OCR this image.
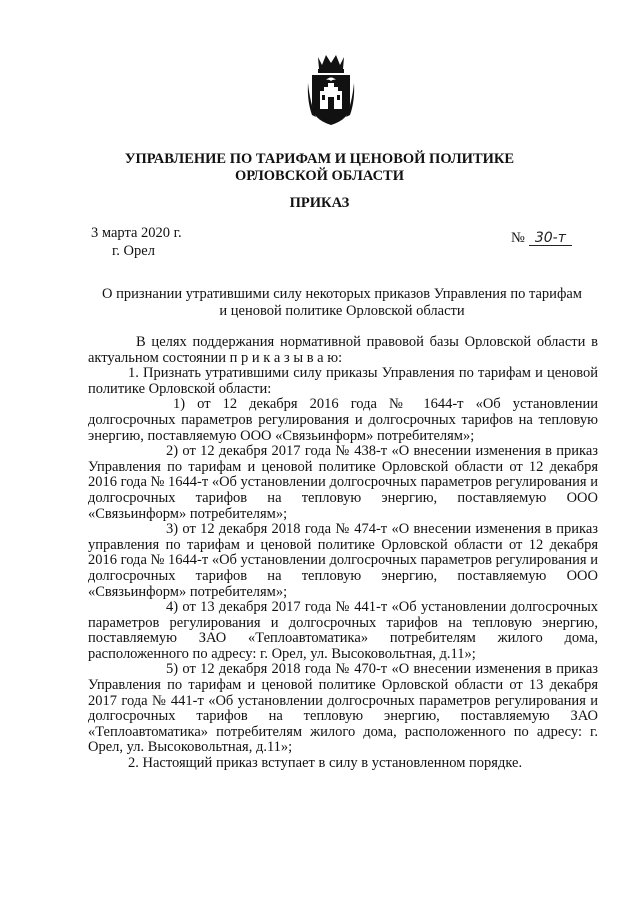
УПРАВЛЕНИЕ ПО ТАРИФАМ И ЦЕНОВОЙ ПОЛИТИКЕ
ОРЛОВСКОЙ ОБЛАСТИ
ПРИКАЗ
3 марта 2020 г.
г. Орел
№ 30-т
О признании утратившими силу некоторых приказов Управления по тарифам
и ценовой политике Орловской области

В целях поддержания нормативной правовой базы Орловской области в актуальном состоянии п р и к а з ы в а ю:

1. Признать утратившими силу приказы Управления по тарифам и ценовой политике Орловской области:

1) от 12 декабря 2016 года № 1644-т «Об установлении долгосрочных параметров регулирования и долгосрочных тарифов на тепловую энергию, поставляемую ООО «Связьинформ» потребителям»;

2) от 12 декабря 2017 года № 438-т «О внесении изменения в приказ Управления по тарифам и ценовой политике Орловской области от 12 декабря 2016 года № 1644-т «Об установлении долгосрочных параметров регулирования и долгосрочных тарифов на тепловую энергию, поставляемую ООО «Связьинформ» потребителям»;

3) от 12 декабря 2018 года № 474-т «О внесении изменения в приказ управления по тарифам и ценовой политике Орловской области от 12 декабря 2016 года № 1644-т «Об установлении долгосрочных параметров регулирования и долгосрочных тарифов на тепловую энергию, поставляемую ООО «Связьинформ» потребителям»;

4) от 13 декабря 2017 года № 441-т «Об установлении долгосрочных параметров регулирования и долгосрочных тарифов на тепловую энергию, поставляемую ЗАО «Теплоавтоматика» потребителям жилого дома, расположенного по адресу: г. Орел, ул. Высоковольтная, д.11»;

5) от 12 декабря 2018 года № 470-т «О внесении изменения в приказ Управления по тарифам и ценовой политике Орловской области от 13 декабря 2017 года № 441-т «Об установлении долгосрочных параметров регулирования и долгосрочных тарифов на тепловую энергию, поставляемую ЗАО «Теплоавтоматика» потребителям жилого дома, расположенного по адресу: г. Орел, ул. Высоковольтная, д.11»;

2. Настоящий приказ вступает в силу в установленном порядке.
